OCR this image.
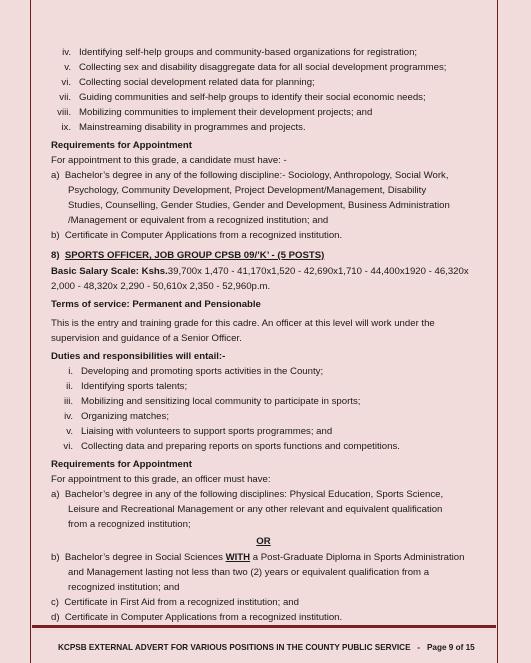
iv. Identifying self-help groups and community-based organizations for registration;
v. Collecting sex and disability disaggregate data for all social development programmes;
vi. Collecting social development related data for planning;
vii. Guiding communities and self-help groups to identify their social economic needs;
viii. Mobilizing communities to implement their development projects; and
ix. Mainstreaming disability in programmes and projects.
Requirements for Appointment
For appointment to this grade, a candidate must have: -
a) Bachelor’s degree in any of the following discipline:- Sociology, Anthropology, Social Work,
Psychology, Community Development, Project Development/Management, Disability
Studies, Counselling, Gender Studies, Gender and Development, Business Administration
/Management or equivalent from a recognized institution; and
b) Certificate in Computer Applications from a recognized institution.
8) SPORTS OFFICER, JOB GROUP CPSB 09/’K’ - (5 POSTS)
Basic Salary Scale: Kshs.39,700x 1,470 - 41,170x1,520 - 42,690x1,710 - 44,400x1920 - 46,320x
2,000 - 48,320x 2,290 - 50,610x 2,350 - 52,960p.m.
Terms of service: Permanent and Pensionable
This is the entry and training grade for this cadre. An officer at this level will work under the
supervision and guidance of a Senior Officer.
Duties and responsibilities will entail:-
i. Developing and promoting sports activities in the County;
ii. Identifying sports talents;
iii. Mobilizing and sensitizing local community to participate in sports;
iv. Organizing matches;
v. Liaising with volunteers to support sports programmes; and
vi. Collecting data and preparing reports on sports functions and competitions.
Requirements for Appointment
For appointment to this grade, an officer must have:
a) Bachelor’s degree in any of the following disciplines: Physical Education, Sports Science,
Leisure and Recreational Management or any other relevant and equivalent qualification
from a recognized institution;
OR
b) Bachelor’s degree in Social Sciences WITH a Post-Graduate Diploma in Sports Administration
and Management lasting not less than two (2) years or equivalent qualification from a
recognized institution; and
c) Certificate in First Aid from a recognized institution; and
d) Certificate in Computer Applications from a recognized institution.
KCPSB EXTERNAL ADVERT FOR VARIOUS POSITIONS IN THE COUNTY PUBLIC SERVICE - Page 9 of 15
